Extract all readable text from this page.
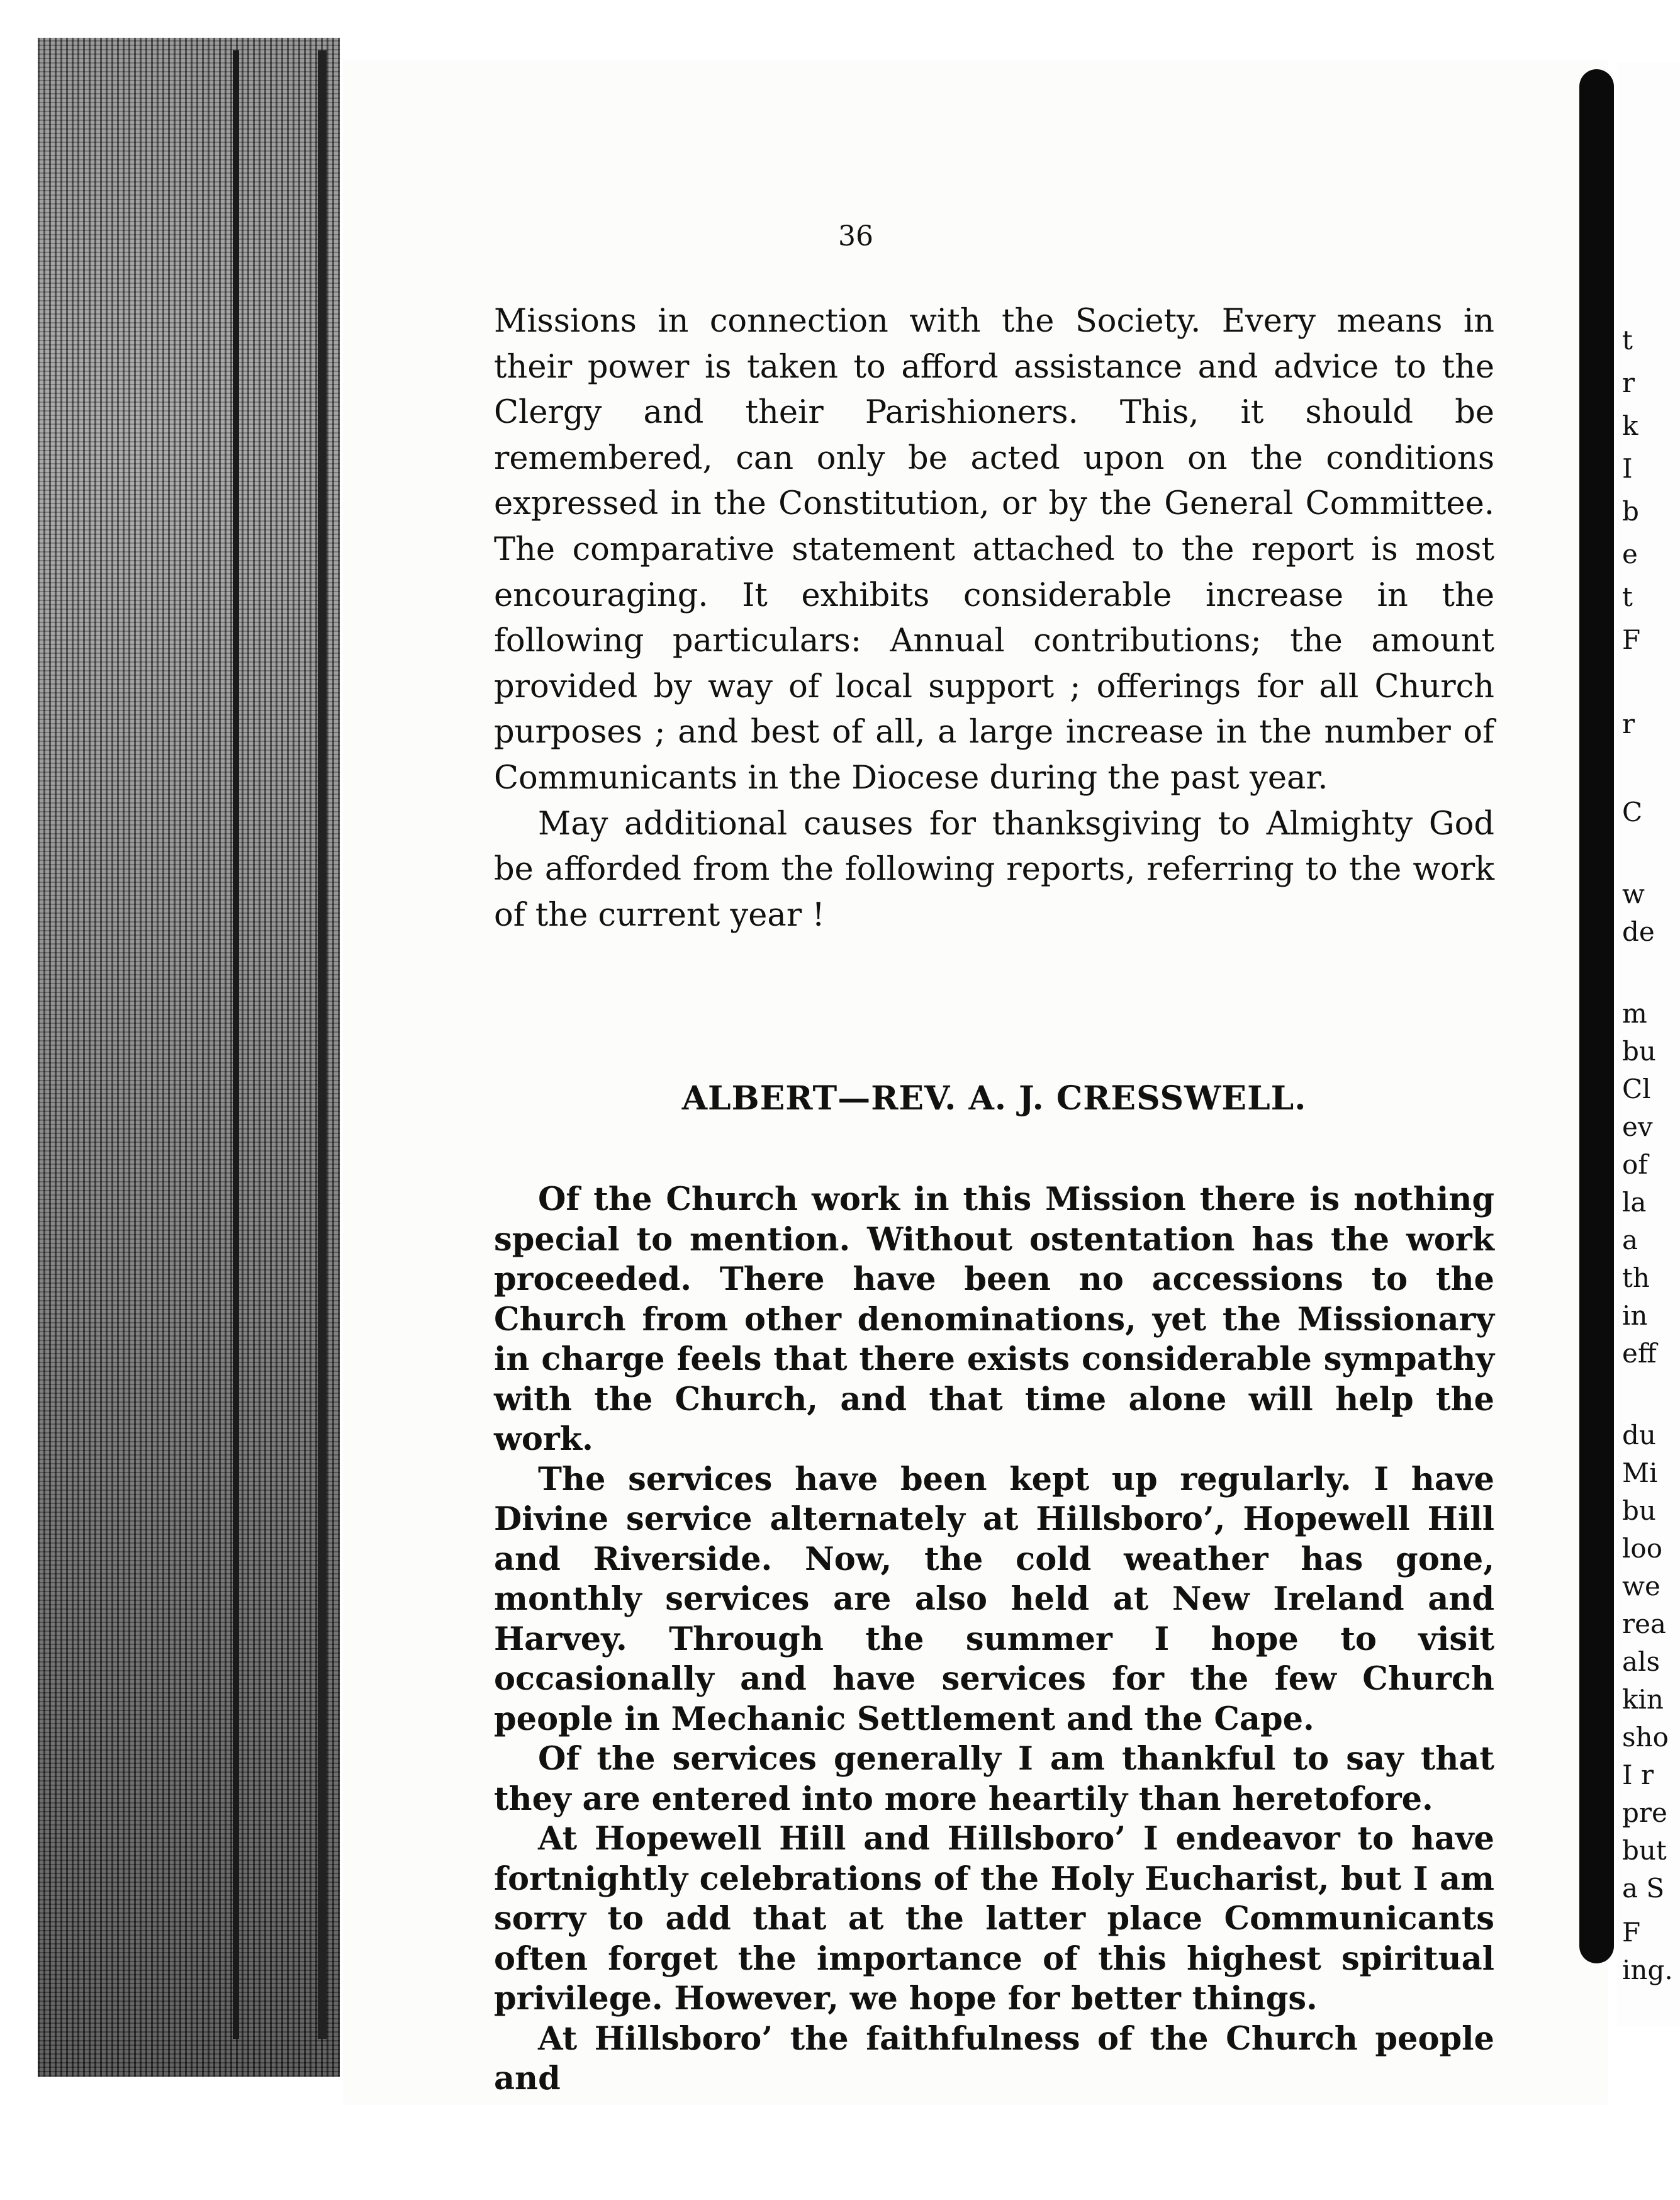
36

Missions in connection with the Society. Every means in their power is taken to afford assistance and advice to the Clergy and their Parishioners. This, it should be remembered, can only be acted upon on the conditions expressed in the Constitution, or by the General Committee. The comparative statement attached to the report is most encouraging. It exhibits considerable increase in the following particulars: Annual contributions; the amount provided by way of local support ; offerings for all Church purposes ; and best of all, a large increase in the number of Communicants in the Diocese during the past year.

May additional causes for thanksgiving to Almighty God be afforded from the following reports, referring to the work of the current year !

ALBERT—REV. A. J. CRESSWELL.

Of the Church work in this Mission there is nothing special to mention. Without ostentation has the work proceeded. There have been no accessions to the Church from other denominations, yet the Missionary in charge feels that there exists considerable sympathy with the Church, and that time alone will help the work.

The services have been kept up regularly. I have Divine service alternately at Hillsboro’, Hopewell Hill and Riverside. Now, the cold weather has gone, monthly services are also held at New Ireland and Harvey. Through the summer I hope to visit occasionally and have services for the few Church people in Mechanic Settlement and the Cape.

Of the services generally I am thankful to say that they are entered into more heartily than heretofore.

At Hopewell Hill and Hillsboro’ I endeavor to have fortnightly celebrations of the Holy Eucharist, but I am sorry to add that at the latter place Communicants often forget the importance of this highest spiritual privilege. However, we hope for better things.

At Hillsboro’ the faithfulness of the Church people and

t
r
k
I
b
e
t
F
r
C
w
de
m
bu
Cl
ev
of
la
a
th
in
eff
du
Mi
bu
loo
we
rea
als
kin
sho
I r
pre
but
a S
F
ing.
